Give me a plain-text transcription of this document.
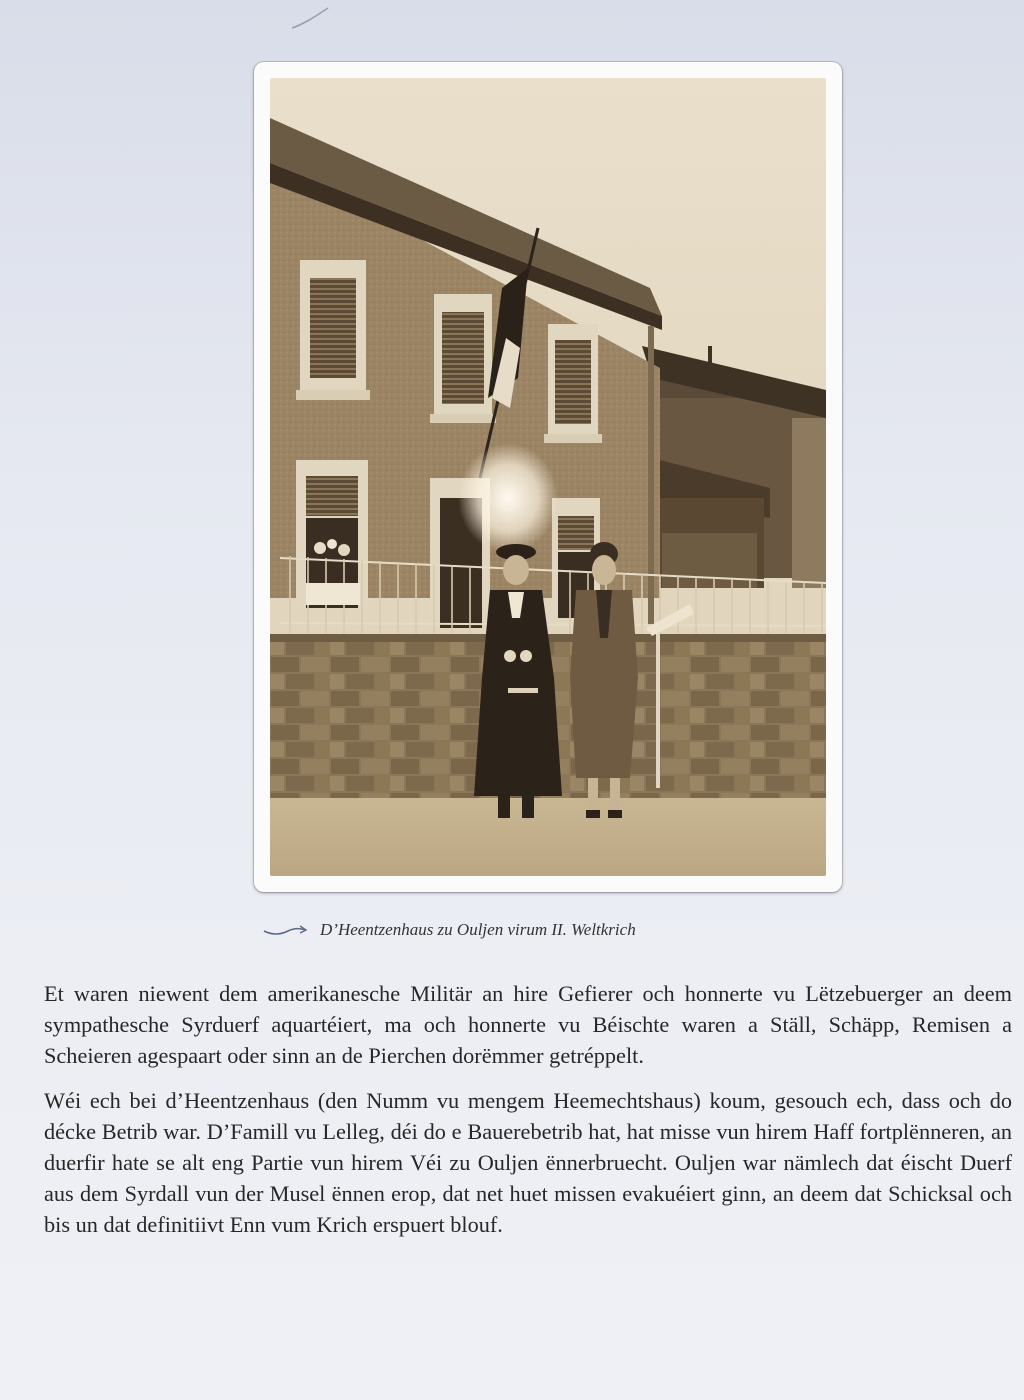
D’Heentzenhaus zu Ouljen virum II. Weltkrich

Et waren niewent dem amerikanesche Militär an hire Gefierer och honnerte vu Lëtzebuerger an deem sympathesche Syrduerf aquartéiert, ma och honnerte vu Béischte waren a Ställ, Schäpp, Remisen a Scheieren agespaart oder sinn an de Pierchen dorëmmer getréppelt.

Wéi ech bei d’Heentzenhaus (den Numm vu mengem Heemechtshaus) koum, gesouch ech, dass och do décke Betrib war. D’Famill vu Lelleg, déi do e Bauerebetrib hat, hat misse vun hirem Haff fortplënneren, an duerfir hate se alt eng Partie vun hirem Véi zu Ouljen ënnerbruecht. Ouljen war nämlech dat éischt Duerf aus dem Syrdall vun der Musel ënnen erop, dat net huet missen evakuéiert ginn, an deem dat Schicksal och bis un dat definitiivt Enn vum Krich erspuert blouf.
